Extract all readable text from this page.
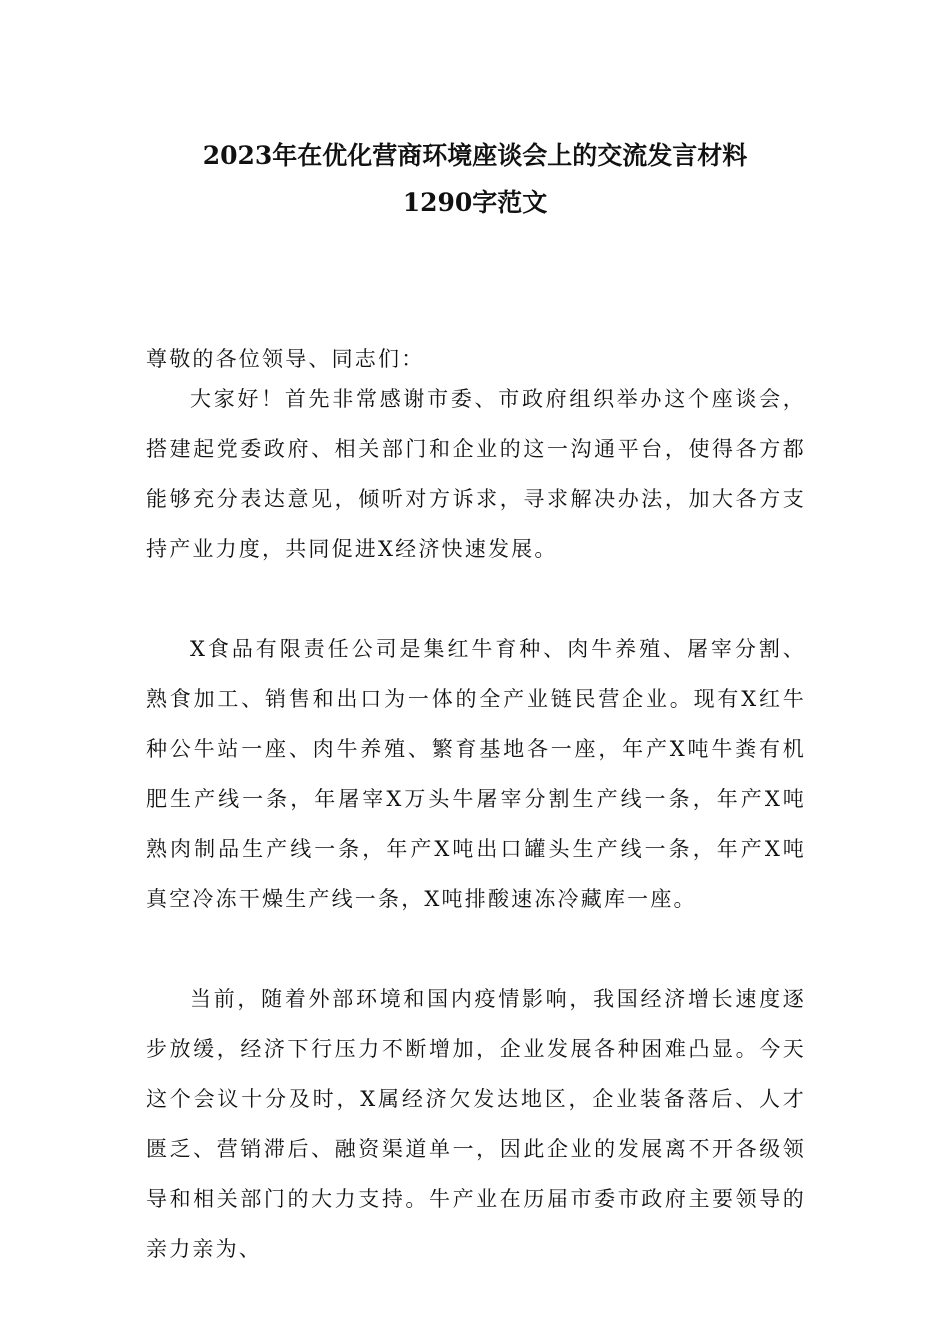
2023年在优化营商环境座谈会上的交流发言材料
1290字范文

尊敬的各位领导、同志们：

大家好！首先非常感谢市委、市政府组织举办这个座谈会，搭建起党委政府、相关部门和企业的这一沟通平台，使得各方都能够充分表达意见，倾听对方诉求，寻求解决办法，加大各方支持产业力度，共同促进X经济快速发展。

X食品有限责任公司是集红牛育种、肉牛养殖、屠宰分割、熟食加工、销售和出口为一体的全产业链民营企业。现有X红牛种公牛站一座、肉牛养殖、繁育基地各一座，年产X吨牛粪有机肥生产线一条，年屠宰X万头牛屠宰分割生产线一条，年产X吨熟肉制品生产线一条，年产X吨出口罐头生产线一条，年产X吨真空冷冻干燥生产线一条，X吨排酸速冻冷藏库一座。

当前，随着外部环境和国内疫情影响，我国经济增长速度逐步放缓，经济下行压力不断增加，企业发展各种困难凸显。今天这个会议十分及时，X属经济欠发达地区，企业装备落后、人才匮乏、营销滞后、融资渠道单一，因此企业的发展离不开各级领导和相关部门的大力支持。牛产业在历届市委市政府主要领导的亲力亲为、
